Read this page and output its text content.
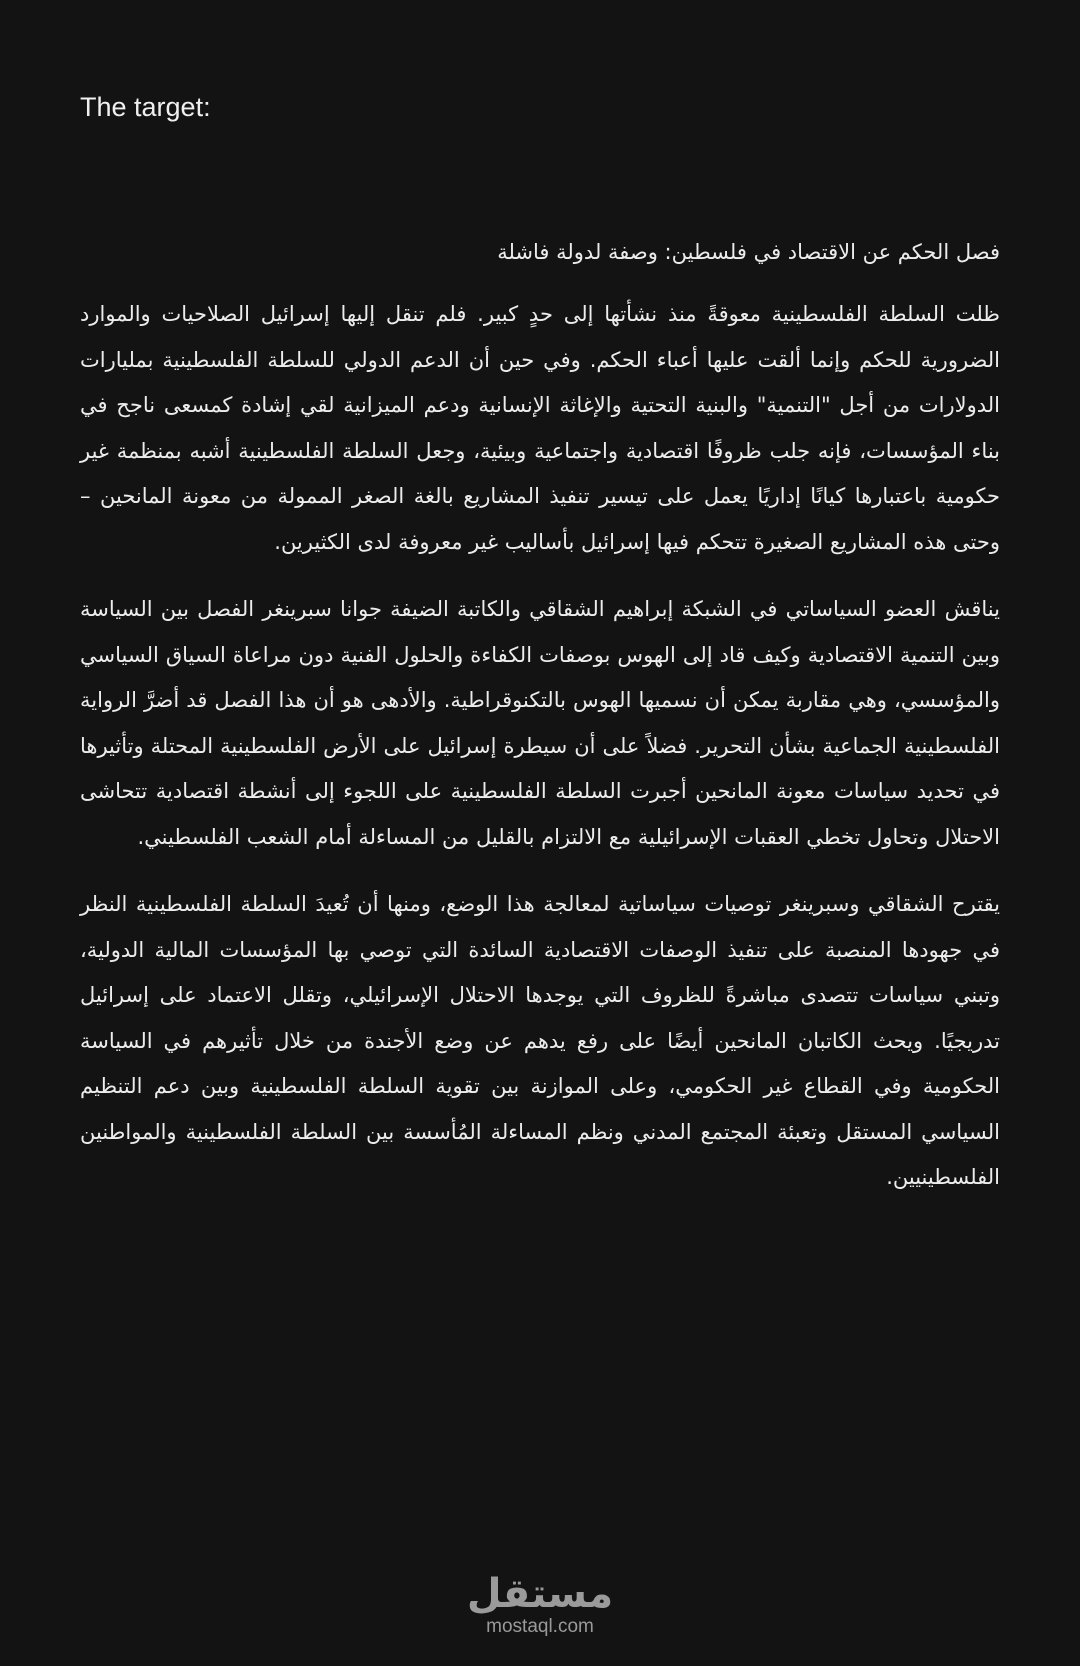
The target:
فصل الحكم عن الاقتصاد في فلسطين: وصفة لدولة فاشلة

ظلت السلطة الفلسطينية معوقةً منذ نشأتها إلى حدٍ كبير. فلم تنقل إليها إسرائيل الصلاحيات والموارد الضرورية للحكم وإنما ألقت عليها أعباء الحكم. وفي حين أن الدعم الدولي للسلطة الفلسطينية بمليارات الدولارات من أجل "التنمية" والبنية التحتية والإغاثة الإنسانية ودعم الميزانية لقي إشادة كمسعى ناجح في بناء المؤسسات، فإنه جلب ظروفًا اقتصادية واجتماعية وبيئية، وجعل السلطة الفلسطينية أشبه بمنظمة غير حكومية باعتبارها كيانًا إداريًا يعمل على تيسير تنفيذ المشاريع بالغة الصغر الممولة من معونة المانحين – وحتى هذه المشاريع الصغيرة تتحكم فيها إسرائيل بأساليب غير معروفة لدى الكثيرين.

يناقش العضو السياساتي في الشبكة إبراهيم الشقاقي والكاتبة الضيفة جوانا سبرينغر الفصل بين السياسة وبين التنمية الاقتصادية وكيف قاد إلى الهوس بوصفات الكفاءة والحلول الفنية دون مراعاة السياق السياسي والمؤسسي، وهي مقاربة يمكن أن نسميها الهوس بالتكنوقراطية. والأدهى هو أن هذا الفصل قد أضرَّ الرواية الفلسطينية الجماعية بشأن التحرير. فضلاً على أن سيطرة إسرائيل على الأرض الفلسطينية المحتلة وتأثيرها في تحديد سياسات معونة المانحين أجبرت السلطة الفلسطينية على اللجوء إلى أنشطة اقتصادية تتحاشى الاحتلال وتحاول تخطي العقبات الإسرائيلية مع الالتزام بالقليل من المساءلة أمام الشعب الفلسطيني.

يقترح الشقاقي وسبرينغر توصيات سياساتية لمعالجة هذا الوضع، ومنها أن تُعيدَ السلطة الفلسطينية النظر في جهودها المنصبة على تنفيذ الوصفات الاقتصادية السائدة التي توصي بها المؤسسات المالية الدولية، وتبني سياسات تتصدى مباشرةً للظروف التي يوجدها الاحتلال الإسرائيلي، وتقلل الاعتماد على إسرائيل تدريجيًا. ويحث الكاتبان المانحين أيضًا على رفع يدهم عن وضع الأجندة من خلال تأثيرهم في السياسة الحكومية وفي القطاع غير الحكومي، وعلى الموازنة بين تقوية السلطة الفلسطينية وبين دعم التنظيم السياسي المستقل وتعبئة المجتمع المدني ونظم المساءلة المُأسسة بين السلطة الفلسطينية والمواطنين الفلسطينيين.

مستقل
mostaql.com
